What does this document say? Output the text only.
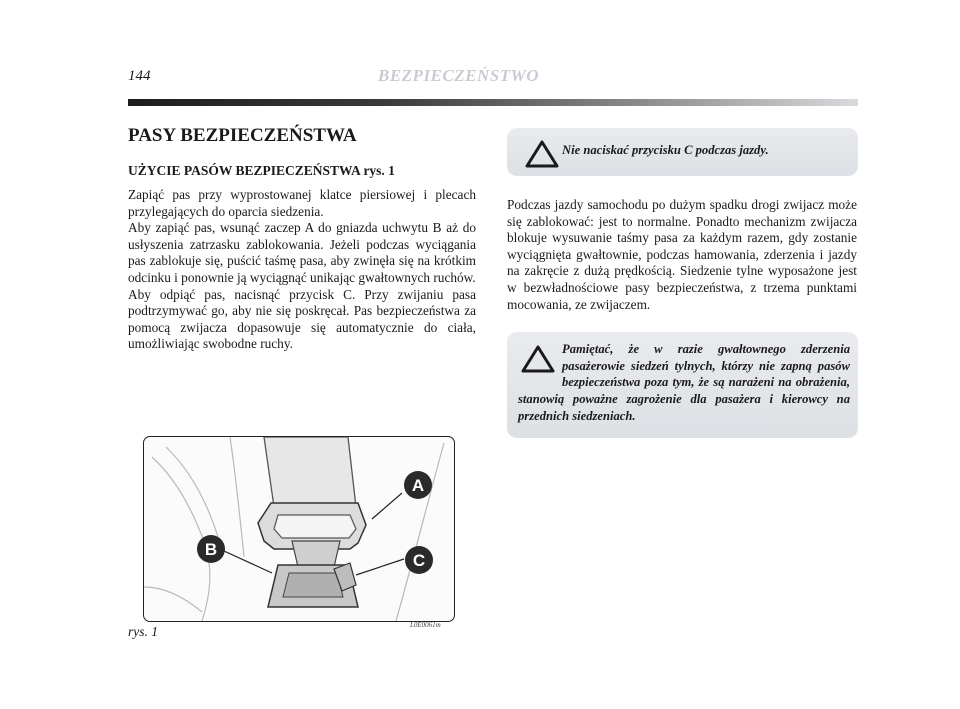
144	BEZPIECZEŃSTWO
PASY BEZPIECZEŃSTWA
UŻYCIE PASÓW BEZPIECZEŃSTWA rys. 1

Zapiąć pas przy wyprostowanej klatce piersiowej i plecach przylegających do oparcia siedzenia.

Aby zapiąć pas, wsunąć zaczep A do gniazda uchwytu B aż do usłyszenia zatrzasku zablokowania. Jeżeli podczas wyciągania pas zablokuje się, puścić taśmę pasa, aby zwinęła się na krótkim odcinku i ponownie ją wyciągnąć unikając gwałtownych ruchów.

Aby odpiąć pas, nacisnąć przycisk C. Przy zwijaniu pasa podtrzymywać go, aby nie się poskręcał. Pas bezpieczeństwa za pomocą zwijacza dopasowuje się automatycznie do ciała, umożliwiając swobodne ruchy.

Nie naciskać przycisku C podczas jazdy.

Podczas jazdy samochodu po dużym spadku drogi zwijacz może się zablokować: jest to normalne. Ponadto mechanizm zwijacza blokuje wysuwanie taśmy pasa za każdym razem, gdy zostanie wyciągnięta gwałtownie, podczas hamowania, zderzenia i jazdy na zakręcie z dużą prędkością. Siedzenie tylne wyposażone jest w bezwładnościowe pasy bezpieczeństwa, z trzema punktami mocowania, ze zwijaczem.

Pamiętać, że w razie gwałtownego zderzenia pasażerowie siedzeń tylnych, którzy nie zapną pasów bezpieczeństwa poza tym, że są narażeni na obrażenia, stanowią poważne zagrożenie dla pasażera i kierowcy na przednich siedzeniach.
A
B
C
L0E0061m
rys. 1
